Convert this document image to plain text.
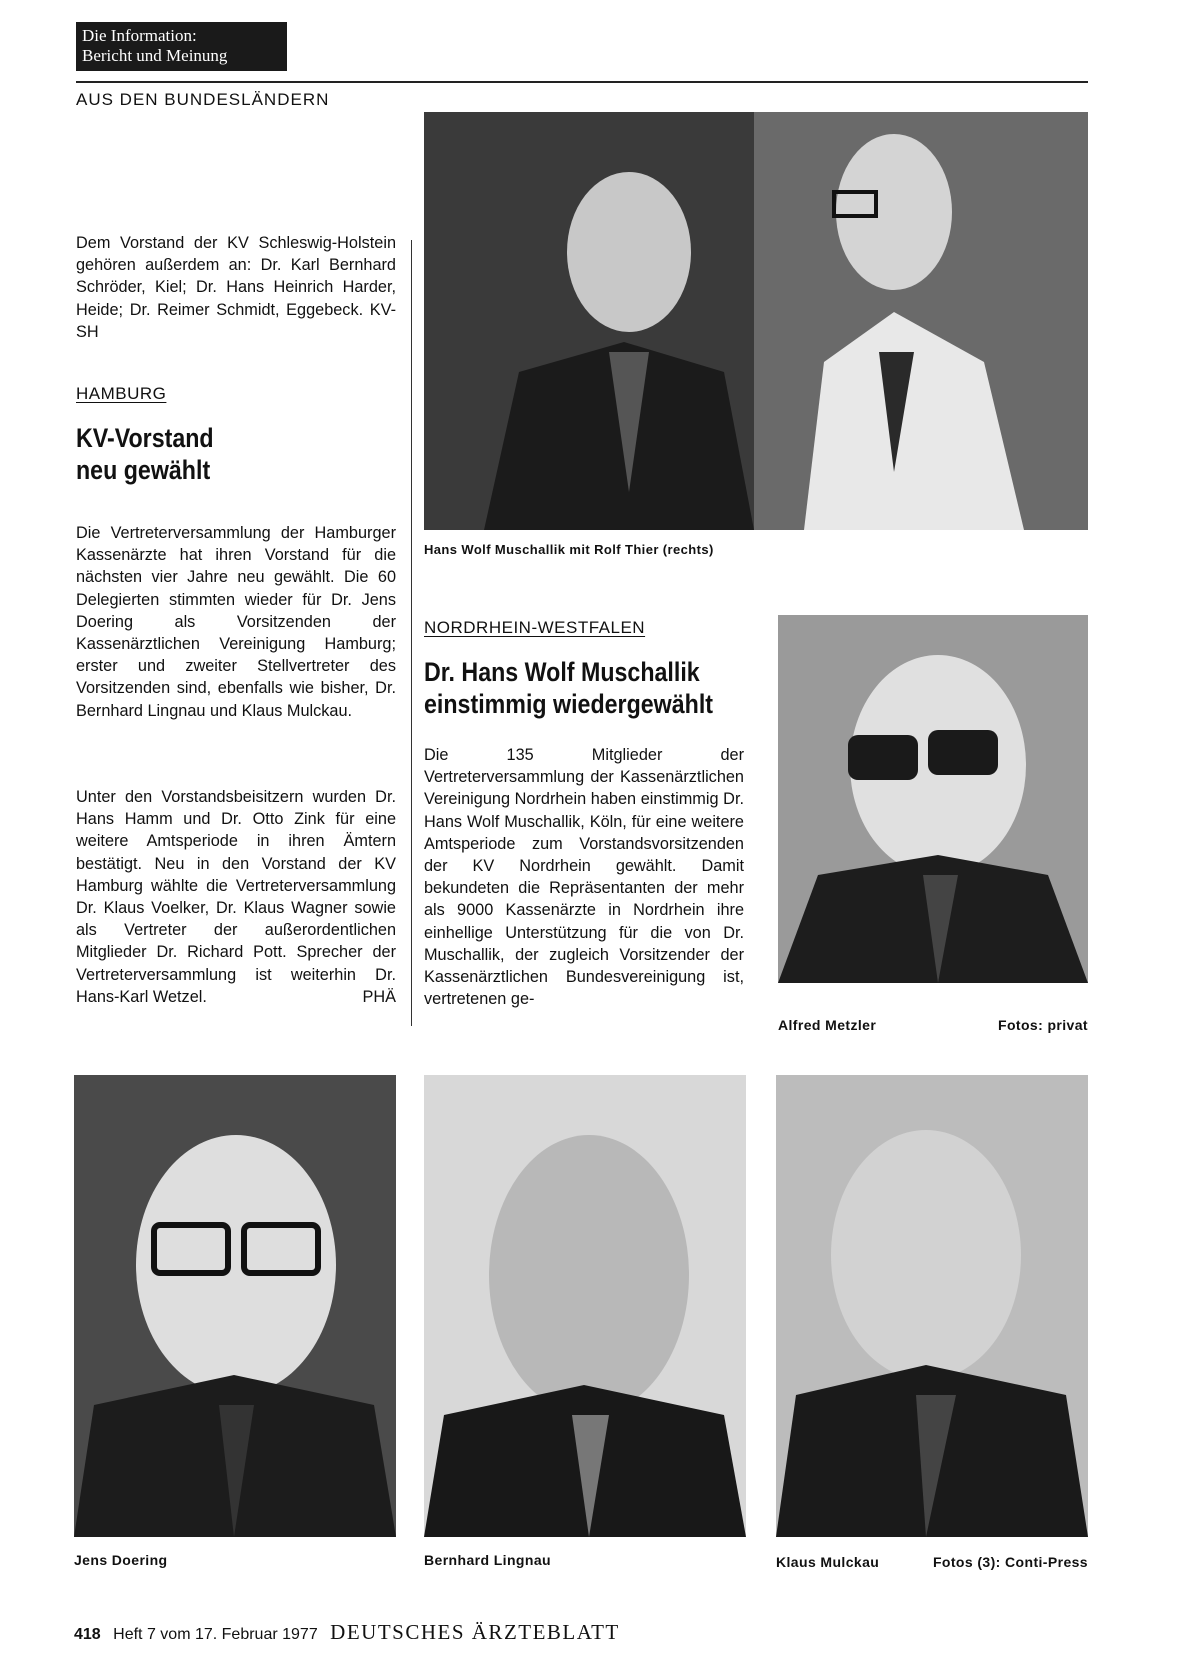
Die Information:
Bericht und Meinung
AUS DEN BUNDESLÄNDERN
Dem Vorstand der KV Schleswig-Holstein gehören außerdem an: Dr. Karl Bernhard Schröder, Kiel; Dr. Hans Heinrich Harder, Heide; Dr. Reimer Schmidt, Eggebeck. KV-SH
HAMBURG
KV-Vorstand
neu gewählt
Die Vertreterversammlung der Hamburger Kassenärzte hat ihren Vorstand für die nächsten vier Jahre neu gewählt. Die 60 Delegierten stimmten wieder für Dr. Jens Doering als Vorsitzenden der Kassenärztlichen Vereinigung Hamburg; erster und zweiter Stellvertreter des Vorsitzenden sind, ebenfalls wie bisher, Dr. Bernhard Lingnau und Klaus Mulckau.
Unter den Vorstandsbeisitzern wurden Dr. Hans Hamm und Dr. Otto Zink für eine weitere Amtsperiode in ihren Ämtern bestätigt. Neu in den Vorstand der KV Hamburg wählte die Vertreterversammlung Dr. Klaus Voelker, Dr. Klaus Wagner sowie als Vertreter der außerordentlichen Mitglieder Dr. Richard Pott. Sprecher der Vertreterversammlung ist weiterhin Dr. Hans-Karl Wetzel.	PHÄ
Hans Wolf Muschallik mit Rolf Thier (rechts)
NORDRHEIN-WESTFALEN
Dr. Hans Wolf Muschallik
einstimmig wiedergewählt
Die 135 Mitglieder der Vertreterversammlung der Kassenärztlichen Vereinigung Nordrhein haben einstimmig Dr. Hans Wolf Muschallik, Köln, für eine weitere Amtsperiode zum Vorstandsvorsitzenden der KV Nordrhein gewählt. Damit bekundeten die Repräsentanten der mehr als 9000 Kassenärzte in Nordrhein ihre einhellige Unterstützung für die von Dr. Muschallik, der zugleich Vorsitzender der Kassenärztlichen Bundesvereinigung ist, vertretenen ge-
Alfred Metzler	Fotos: privat
Jens Doering	Bernhard Lingnau	Klaus Mulckau	Fotos (3): Conti-Press
418 Heft 7 vom 17. Februar 1977 DEUTSCHES ÄRZTEBLATT
